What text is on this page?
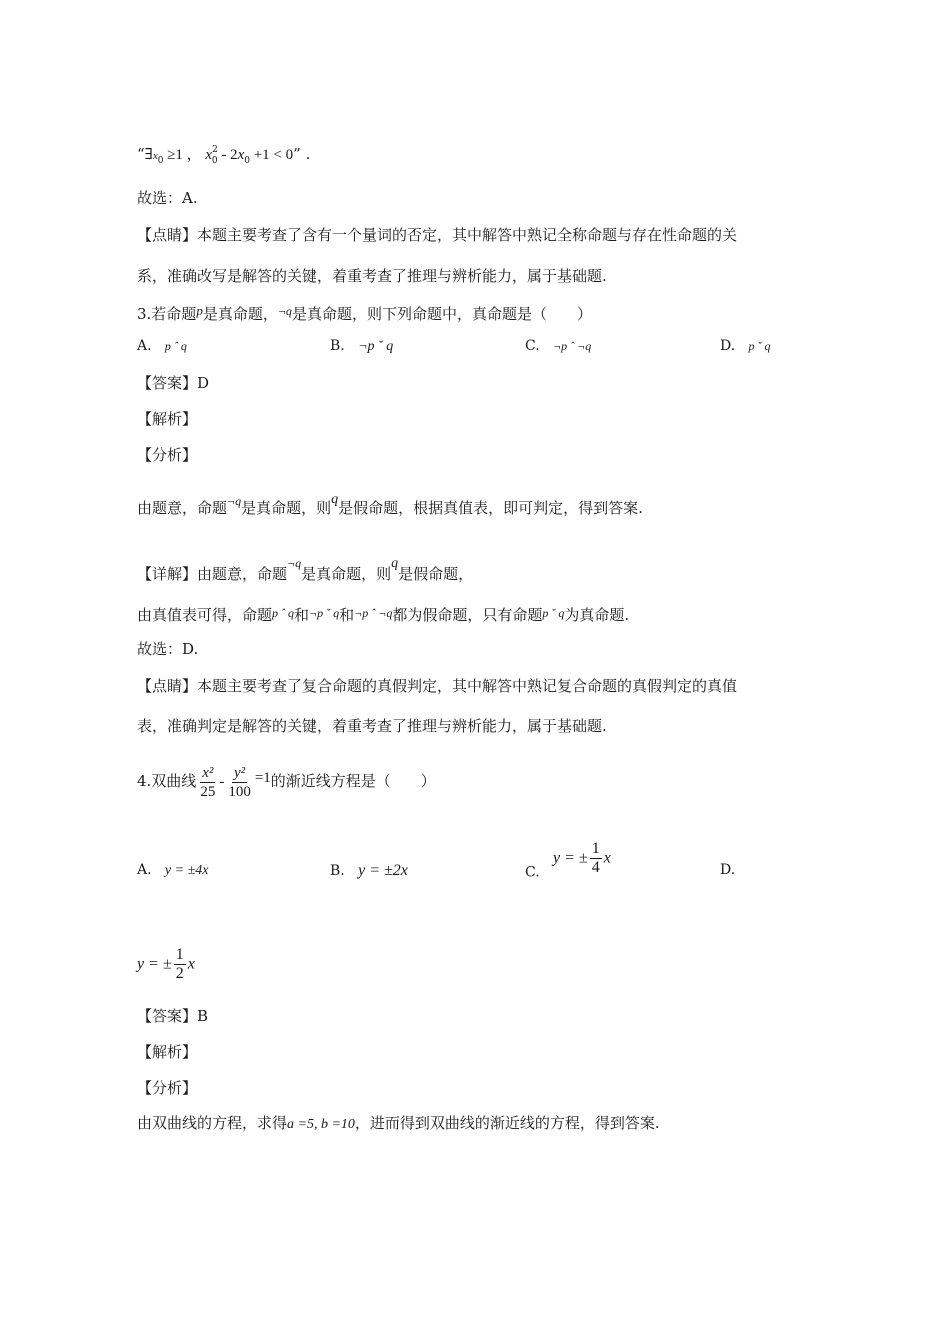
“$\exists x_0 \ge 1$ ， $x^2_0 - 2x_0 +1 < 0$” .
故选：A.
【点睛】本题主要考查了含有一个量词的否定，其中解答中熟记全称命题与存在性命题的关
系，准确改写是解答的关键，着重考查了推理与辨析能力，属于基础题.
3.若命题p是真命题，$^{\neg q}$是真命题，则下列命题中，真命题是（　　）
A. p ˆ q	B. ¬p ˇ q	C. ¬p ˆ ¬q	D. p ˇ q
【答案】D
【解析】
【分析】
由题意，命题$^{\neg q}$是真命题，则q是假命题，根据真值表，即可判定，得到答案.
【详解】由题意，命题$^{\neg q}$是真命题，则q是假命题，
由真值表可得，命题$^{p ˆ q}$和$^{\neg p ˇ q}$和$^{\neg p ˆ \neg q}$都为假命题，只有命题$^{p ˇ q}$为真命题.
故选：D.
【点睛】本题主要考查了复合命题的真假判定，其中解答中熟记复合命题的真假判定的真值
表，准确判定是解答的关键，着重考查了推理与辨析能力，属于基础题.
4.双曲线 $\frac{\text{x²}}{25} - \frac{\text{y²}}{100} =1$的渐近线方程是（　　）
A. y = ±4x	B. y = ±2x	C.   y = ± $\frac{1}{4}$ x
D.
y = ± $\frac{1}{2}$ x
【答案】B
【解析】
【分析】
由双曲线的方程，求得a =5, b =10，进而得到双曲线的渐近线的方程，得到答案.
